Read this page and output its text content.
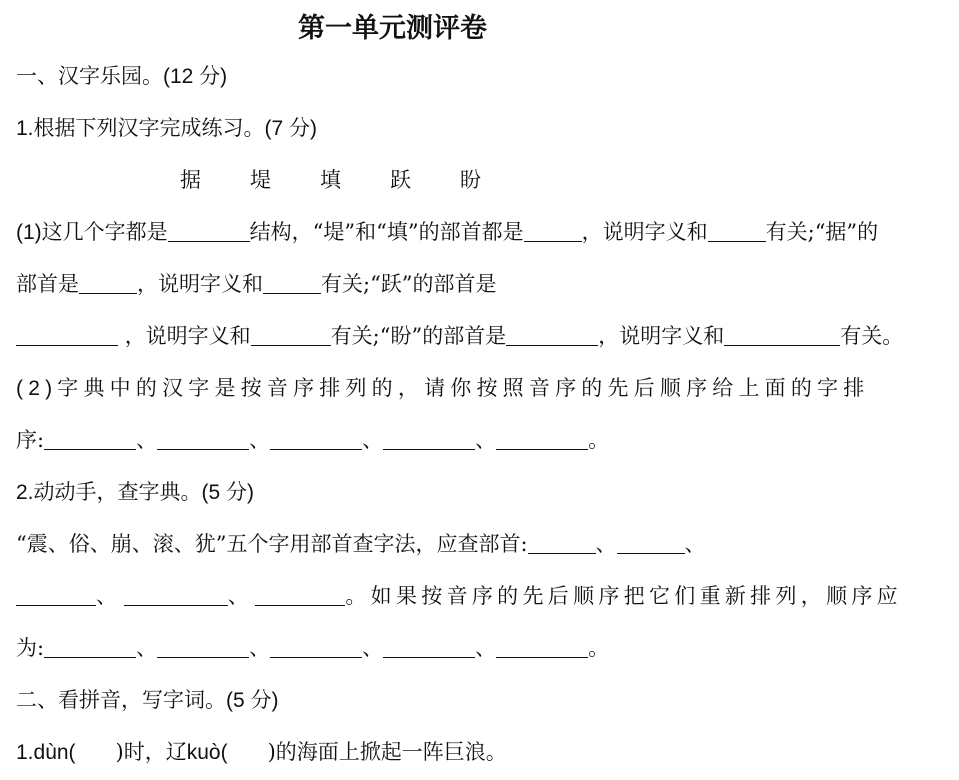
第一单元测评卷
一、汉字乐园。(12 分)
1.根据下列汉字完成练习。(7 分)
据 堤 填 跃 盼
(1)这几个字都是	结构，“堤”和“填”的部首都是	，说明字义和	有关;“据”的
部首是	，说明字义和	有关;“跃”的部首是
，说明字义和	有关;“盼”的部首是	，说明字义和	有关。
(2)字典中的汉字是按音序排列的，请你按照音序的先后顺序给上面的字排
序:	、	、	、	、	。
2.动动手，查字典。(5 分)
“震、俗、崩、滚、犹”五个字用部首查字法，应查部首:	、	、
、	、	。如果按音序的先后顺序把它们重新排列，顺序应
为:	、	、	、	、	。
二、看拼音，写字词。(5 分)
1.dùn( )时，辽kuò( )的海面上掀起一阵巨浪。
